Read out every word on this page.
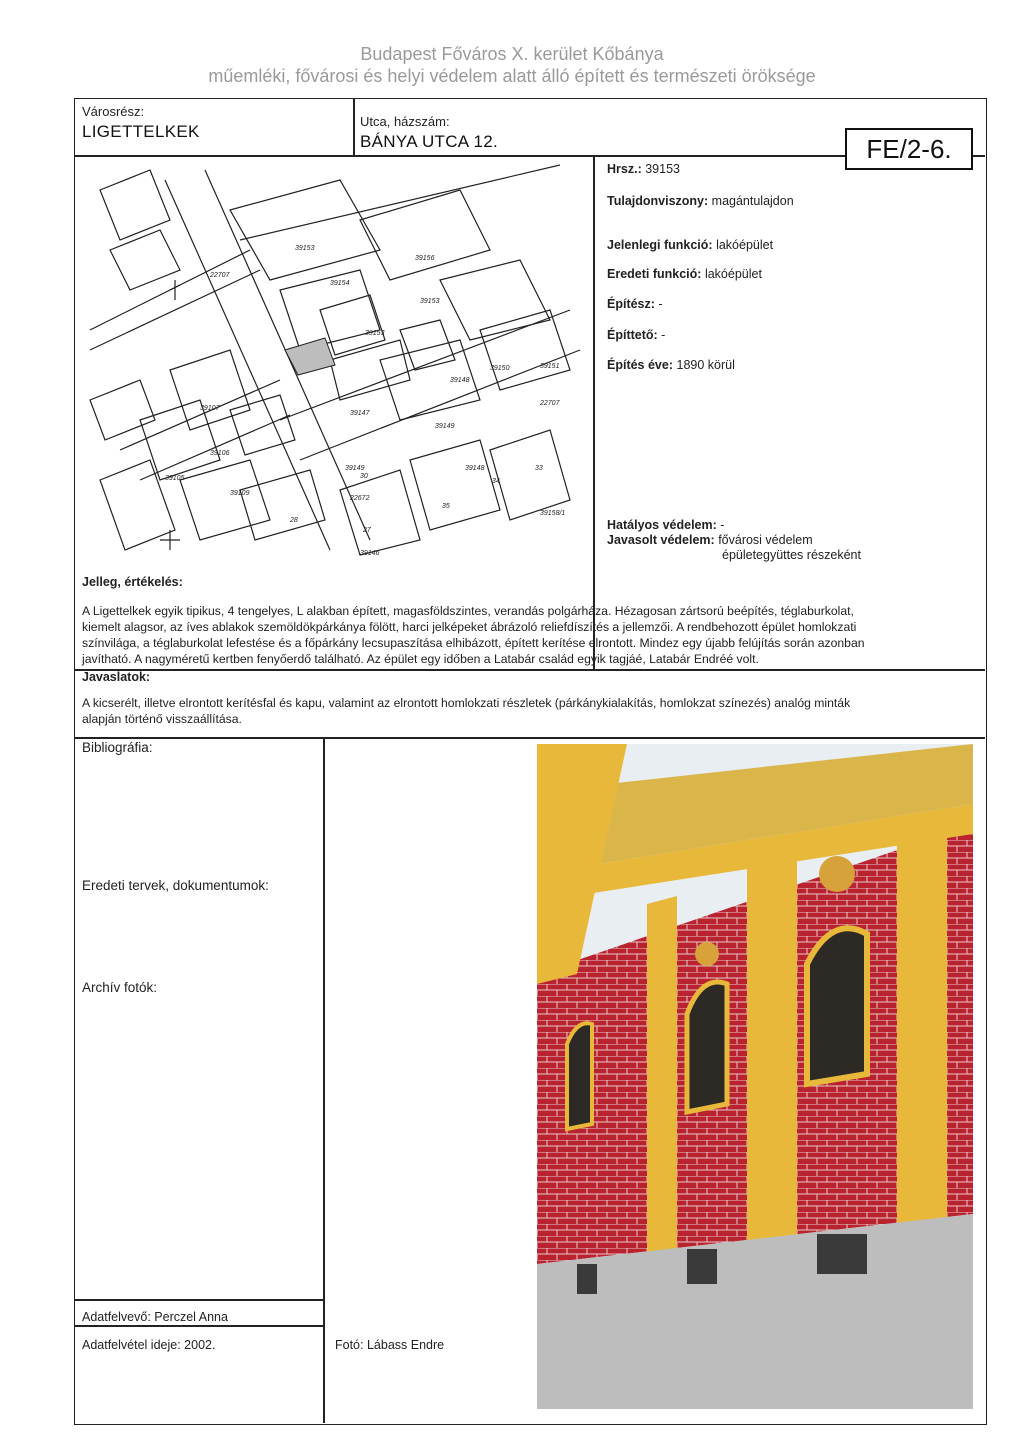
Budapest Főváros X. kerület Kőbánya
műemléki, fővárosi és helyi védelem alatt álló épített és természeti öröksége
Városrész:
LIGETTELKEK
Utca, házszám:
BÁNYA UTCA 12.	FE/2-6.
39153
39156
39154
39153
39153
39150	39151
39148
22707
39107
39106
39105
39109
39147
39149
39149
22672
39146
39148
39158/1
22707
30
28
27
34
33
35
Hrsz.: 39153
Tulajdonviszony: magántulajdon
Jelenlegi funkció: lakóépület
Eredeti funkció: lakóépület
Építész: -
Építtető: -
Építés éve: 1890 körül
Hatályos védelem: -
Javasolt védelem: fővárosi védelem
épületegyüttes részeként
Jelleg, értékelés:
A Ligettelkek egyik tipikus, 4 tengelyes, L alakban épített, magasföldszintes, verandás polgárháza. Hézagosan zártsorú beépítés, téglaburkolat,
kiemelt alagsor, az íves ablakok szemöldökpárkánya fölött, harci jelképeket ábrázoló reliefdíszítés a jellemzői. A rendbehozott épület homlokzati
színvilága, a téglaburkolat lefestése és a főpárkány lecsupaszítása elhibázott, épített kerítése elrontott. Mindez egy újabb felújítás során azonban
javítható. A nagyméretű kertben fenyőerdő található. Az épület egy időben a Latabár család egyik tagjáé, Latabár Endréé volt.
Javaslatok:
A kicserélt, illetve elrontott kerítésfal és kapu, valamint az elrontott homlokzati részletek (párkánykialakítás, homlokzat színezés) analóg minták
alapján történő visszaállítása.
Bibliográfia:
Eredeti tervek, dokumentumok:
Archív fotók:
Adatfelvevő: Perczel Anna
Adatfelvétel ideje: 2002.	Fotó: Lábass Endre
